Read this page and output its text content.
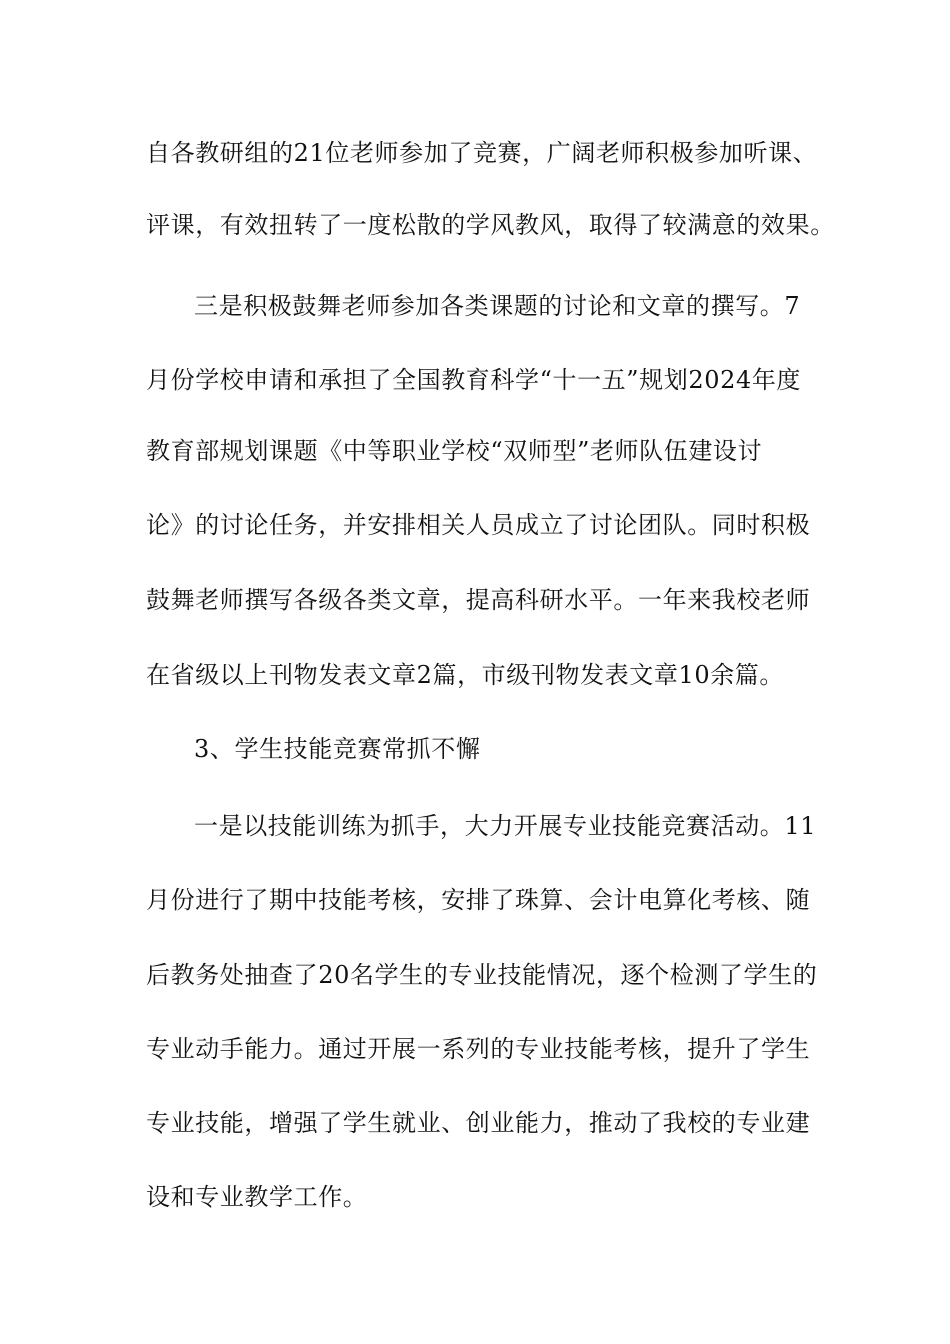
自各教研组的21位老师参加了竞赛，广阔老师积极参加听课、
评课，有效扭转了一度松散的学风教风，取得了较满意的效果。
三是积极鼓舞老师参加各类课题的讨论和文章的撰写。7
月份学校申请和承担了全国教育科学“十一五”规划2024年度
教育部规划课题《中等职业学校“双师型”老师队伍建设讨
论》的讨论任务，并安排相关人员成立了讨论团队。同时积极
鼓舞老师撰写各级各类文章，提高科研水平。一年来我校老师
在省级以上刊物发表文章2篇，市级刊物发表文章10余篇。
3、学生技能竞赛常抓不懈
一是以技能训练为抓手，大力开展专业技能竞赛活动。11
月份进行了期中技能考核，安排了珠算、会计电算化考核、随
后教务处抽查了20名学生的专业技能情况，逐个检测了学生的
专业动手能力。通过开展一系列的专业技能考核，提升了学生
专业技能，增强了学生就业、创业能力，推动了我校的专业建
设和专业教学工作。
